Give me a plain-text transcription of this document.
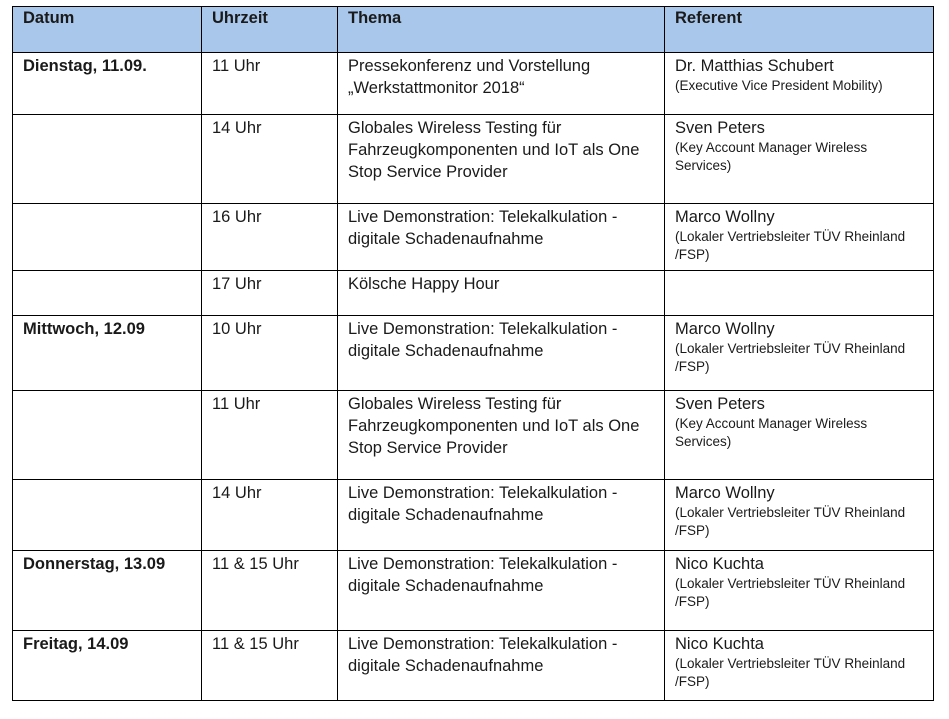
Datum	Uhrzeit	Thema	Referent
Dienstag, 11.09.	11 Uhr	Pressekonferenz und Vorstellung „Werkstattmonitor 2018“	Dr. Matthias Schubert
(Executive Vice President Mobility)

	14 Uhr	Globales Wireless Testing für Fahrzeugkomponenten und IoT als One Stop Service Provider	Sven Peters
(Key Account Manager Wireless Services)

	16 Uhr	Live Demonstration: Telekalkulation - digitale Schadenaufnahme	Marco Wollny
(Lokaler Vertriebsleiter TÜV Rheinland /FSP)

	17 Uhr	Kölsche Happy Hour	

Mittwoch, 12.09	10 Uhr	Live Demonstration: Telekalkulation - digitale Schadenaufnahme	Marco Wollny
(Lokaler Vertriebsleiter TÜV Rheinland /FSP)

	11 Uhr	Globales Wireless Testing für Fahrzeugkomponenten und IoT als One Stop Service Provider	Sven Peters
(Key Account Manager Wireless Services)

	14 Uhr	Live Demonstration: Telekalkulation - digitale Schadenaufnahme	Marco Wollny
(Lokaler Vertriebsleiter TÜV Rheinland /FSP)

Donnerstag, 13.09	11 & 15 Uhr	Live Demonstration: Telekalkulation - digitale Schadenaufnahme	Nico Kuchta
(Lokaler Vertriebsleiter TÜV Rheinland /FSP)

Freitag, 14.09	11 & 15 Uhr	Live Demonstration: Telekalkulation - digitale Schadenaufnahme	Nico Kuchta
(Lokaler Vertriebsleiter TÜV Rheinland /FSP)
